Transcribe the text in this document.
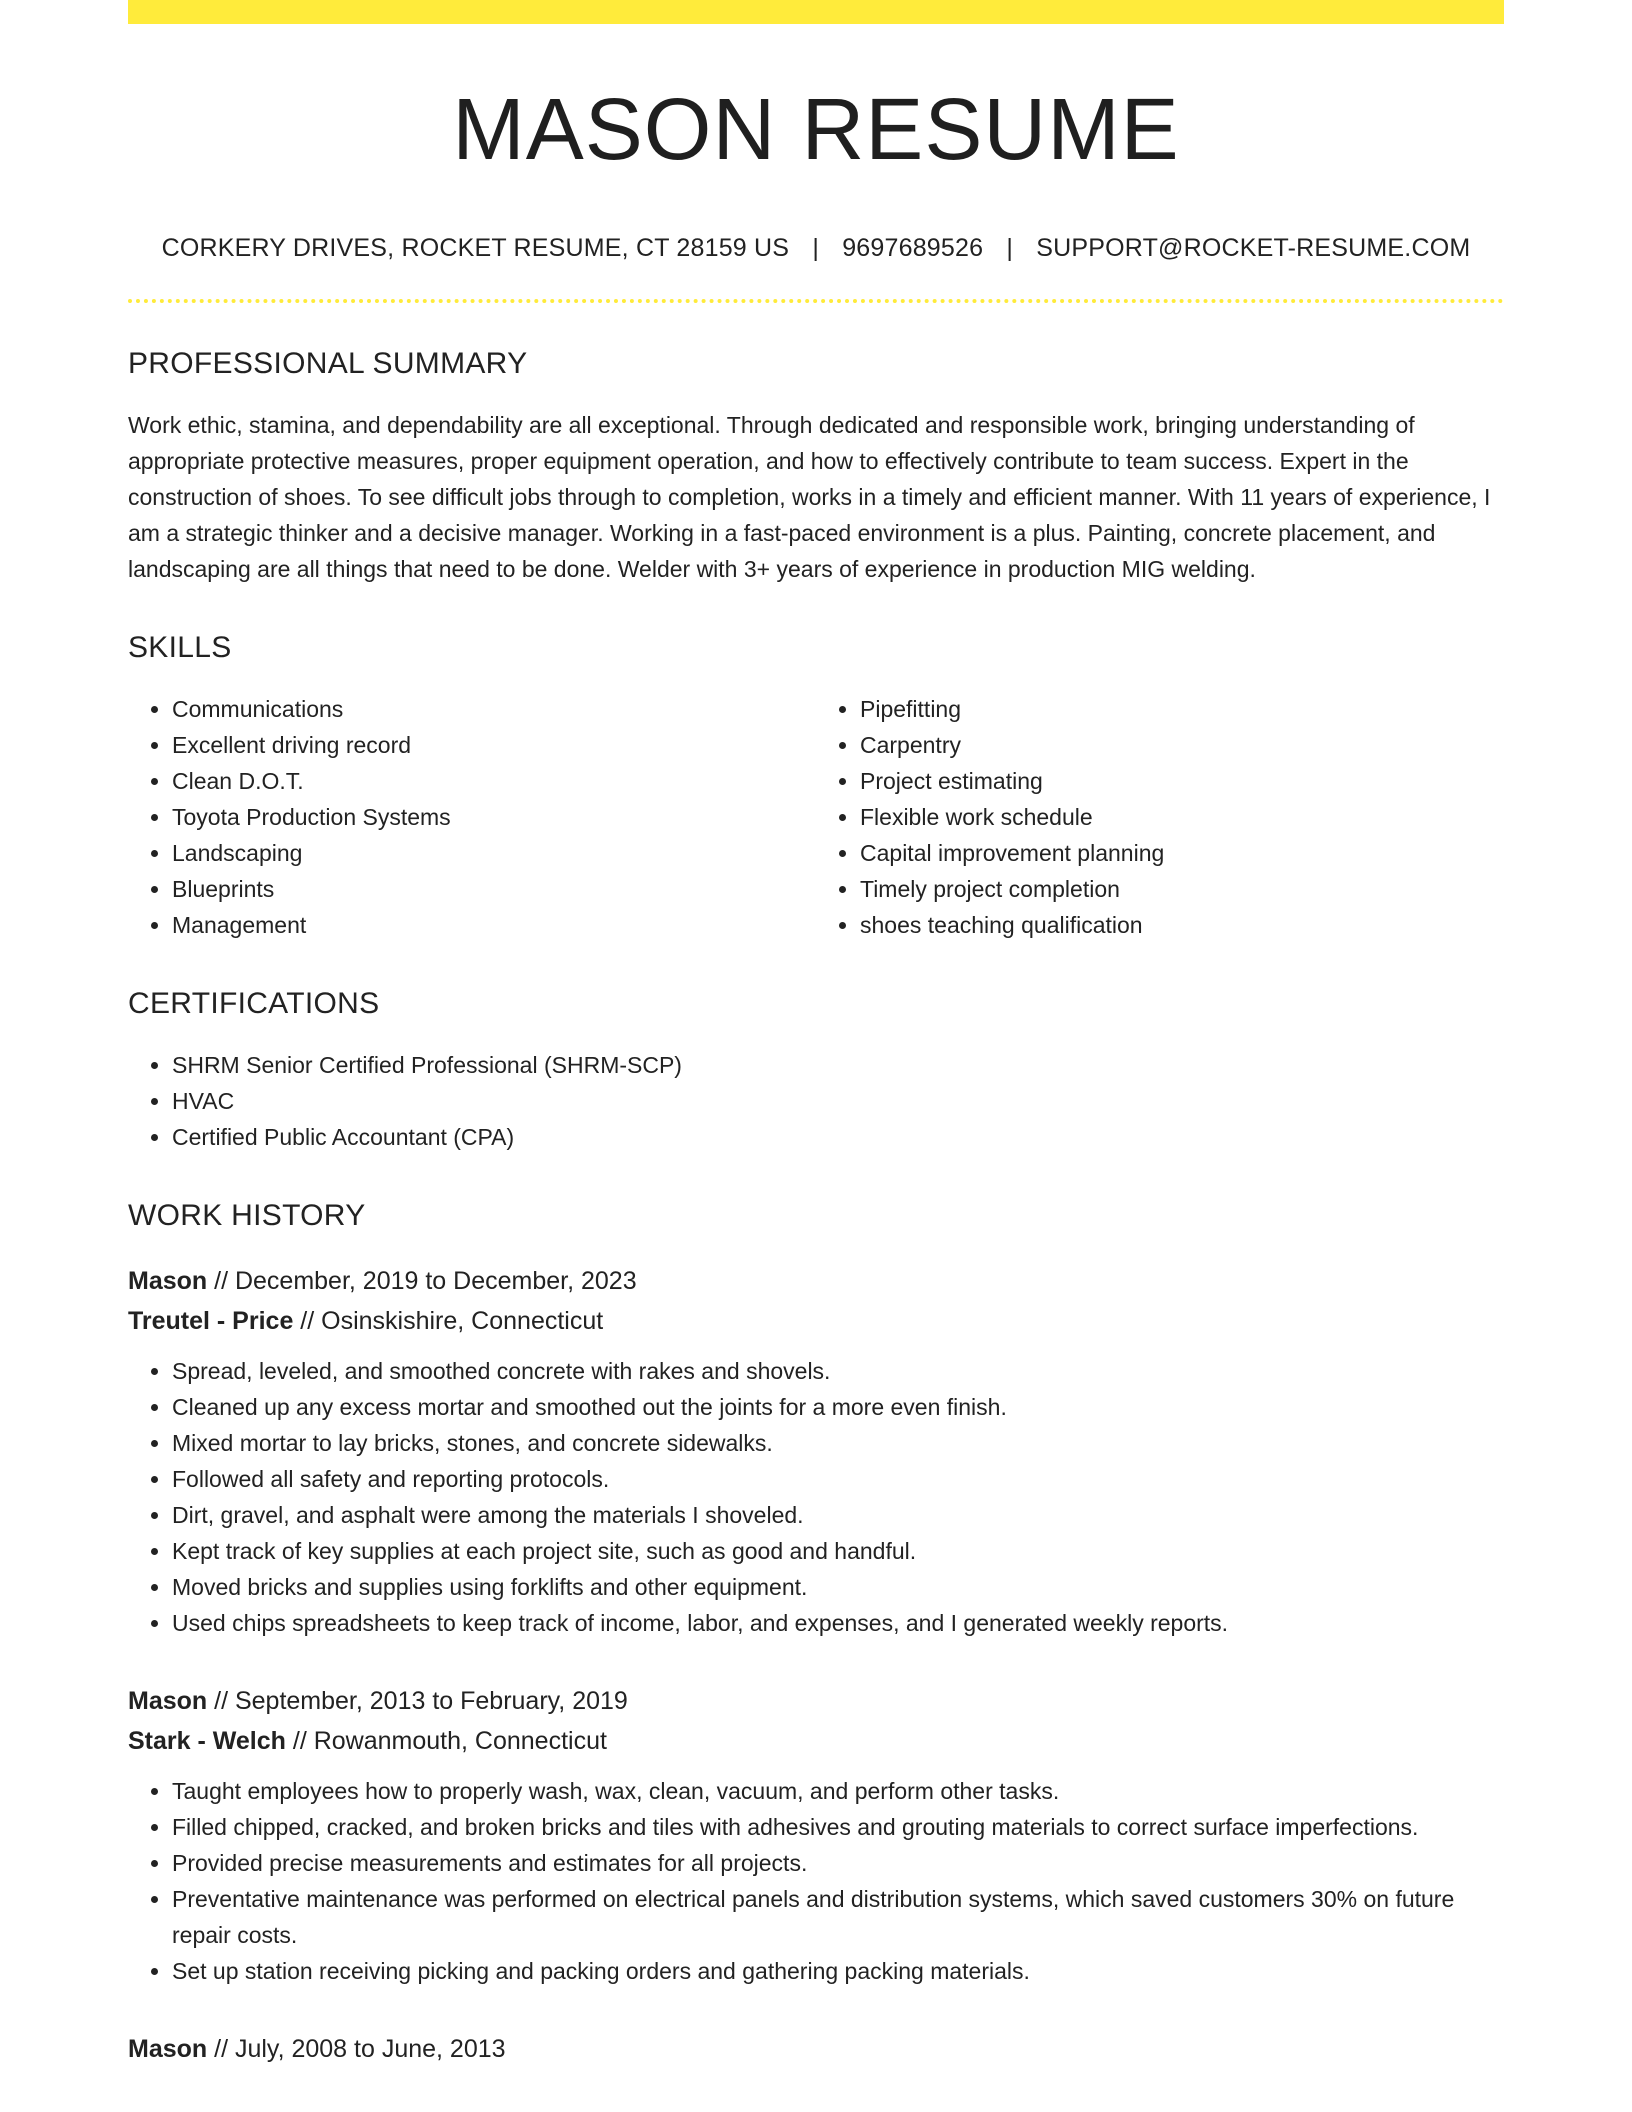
MASON RESUME
CORKERY DRIVES, ROCKET RESUME, CT 28159 US | 9697689526 | SUPPORT@ROCKET-RESUME.COM
PROFESSIONAL SUMMARY

Work ethic, stamina, and dependability are all exceptional. Through dedicated and responsible work, bringing understanding of appropriate protective measures, proper equipment operation, and how to effectively contribute to team success. Expert in the construction of shoes. To see difficult jobs through to completion, works in a timely and efficient manner. With 11 years of experience, I am a strategic thinker and a decisive manager. Working in a fast-paced environment is a plus. Painting, concrete placement, and landscaping are all things that need to be done. Welder with 3+ years of experience in production MIG welding.

SKILLS
• Communications
• Excellent driving record
• Clean D.O.T.
• Toyota Production Systems
• Landscaping
• Blueprints
• Management
• Pipefitting
• Carpentry
• Project estimating
• Flexible work schedule
• Capital improvement planning
• Timely project completion
• shoes teaching qualification
CERTIFICATIONS
• SHRM Senior Certified Professional (SHRM-SCP)
• HVAC
• Certified Public Accountant (CPA)
WORK HISTORY
Mason // December, 2019 to December, 2023
Treutel - Price // Osinskishire, Connecticut
• Spread, leveled, and smoothed concrete with rakes and shovels.
• Cleaned up any excess mortar and smoothed out the joints for a more even finish.
• Mixed mortar to lay bricks, stones, and concrete sidewalks.
• Followed all safety and reporting protocols.
• Dirt, gravel, and asphalt were among the materials I shoveled.
• Kept track of key supplies at each project site, such as good and handful.
• Moved bricks and supplies using forklifts and other equipment.
• Used chips spreadsheets to keep track of income, labor, and expenses, and I generated weekly reports.
Mason // September, 2013 to February, 2019
Stark - Welch // Rowanmouth, Connecticut
• Taught employees how to properly wash, wax, clean, vacuum, and perform other tasks.
• Filled chipped, cracked, and broken bricks and tiles with adhesives and grouting materials to correct surface imperfections.
• Provided precise measurements and estimates for all projects.
• Preventative maintenance was performed on electrical panels and distribution systems, which saved customers 30% on future repair costs.
• Set up station receiving picking and packing orders and gathering packing materials.
Mason // July, 2008 to June, 2013
